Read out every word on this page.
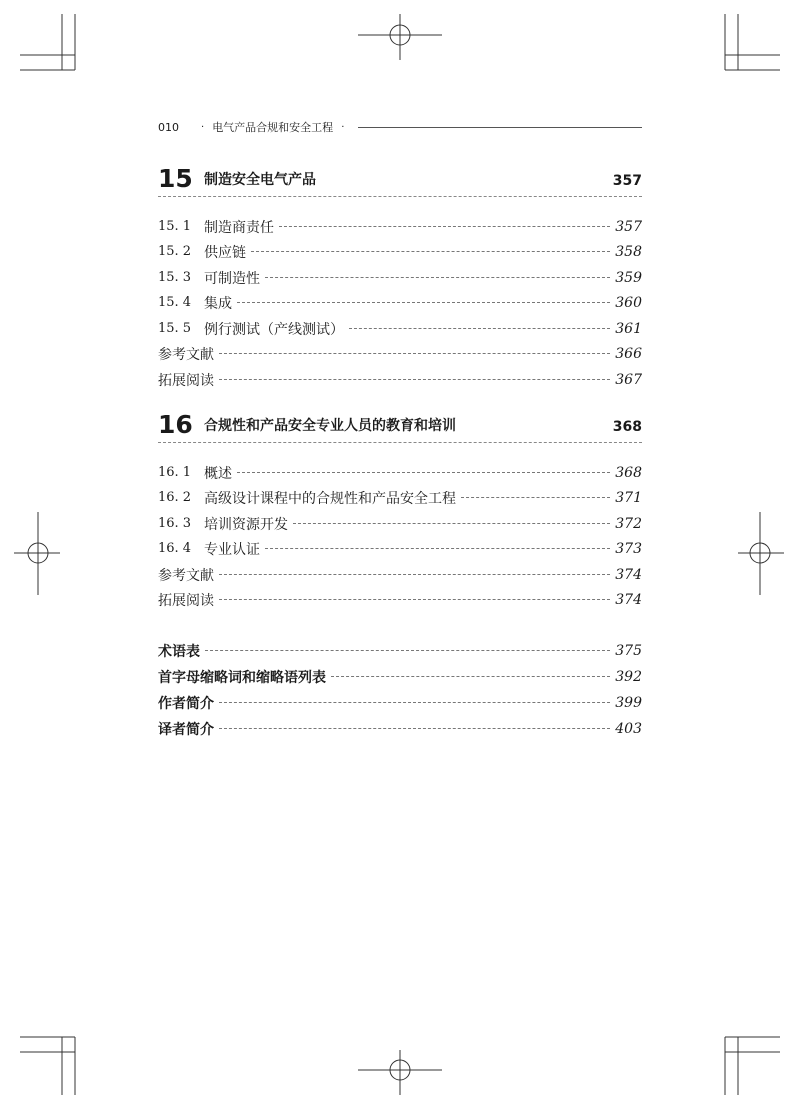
010 · 电气产品合规和安全工程 ·
15 制造安全电气产品	357
15. 1 制造商责任	357
15. 2 供应链	358
15. 3 可制造性	359
15. 4 集成	360
15. 5 例行测试（产线测试）	361
参考文献	366
拓展阅读	367
16 合规性和产品安全专业人员的教育和培训	368
16. 1 概述	368
16. 2 高级设计课程中的合规性和产品安全工程	371
16. 3 培训资源开发	372
16. 4 专业认证	373
参考文献	374
拓展阅读	374
术语表	375
首字母缩略词和缩略语列表	392
作者简介	399
译者简介	403
